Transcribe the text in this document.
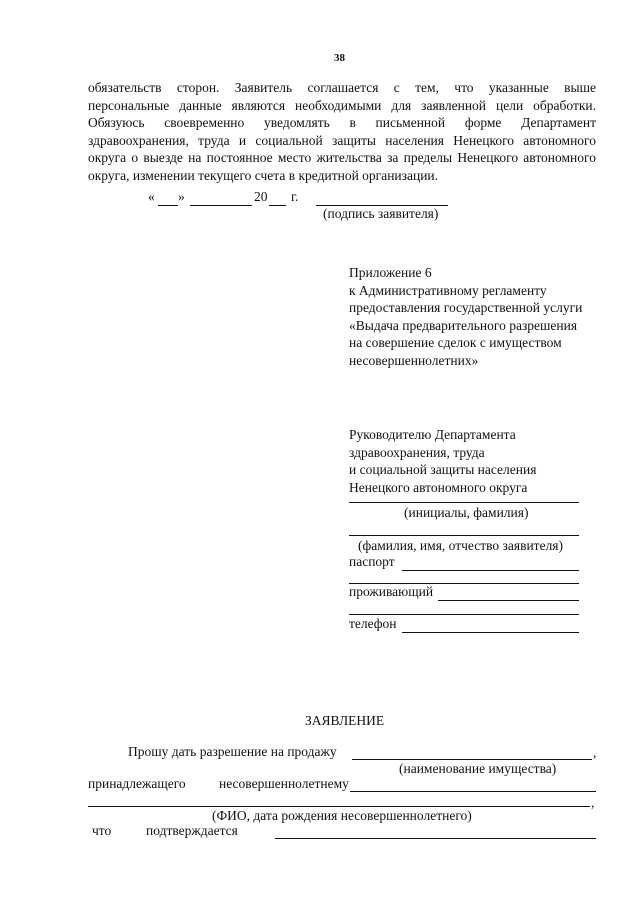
38
обязательств сторон. Заявитель соглашается с тем, что указанные выше
персональные данные являются необходимыми для заявленной цели обработки.
Обязуюсь своевременно уведомлять в письменной форме Департамент
здравоохранения, труда и социальной защиты населения Ненецкого автономного
округа о выезде на постоянное место жительства за пределы Ненецкого автономного
округа, изменении текущего счета в кредитной организации.
« »	20 г.
(подпись заявителя)
Приложение 6
к Административному регламенту
предоставления государственной услуги
«Выдача предварительного разрешения
на совершение сделок с имуществом
несовершеннолетних»
Руководителю Департамента
здравоохранения, труда
и социальной защиты населения
Ненецкого автономного округа
(инициалы, фамилия)
(фамилия, имя, отчество заявителя)
паспорт
проживающий
телефон
ЗАЯВЛЕНИЕ
Прошу дать разрешение на продажу	,
(наименование имущества)
принадлежащего несовершеннолетнему
,
(ФИО, дата рождения несовершеннолетнего)
что	подтверждается
